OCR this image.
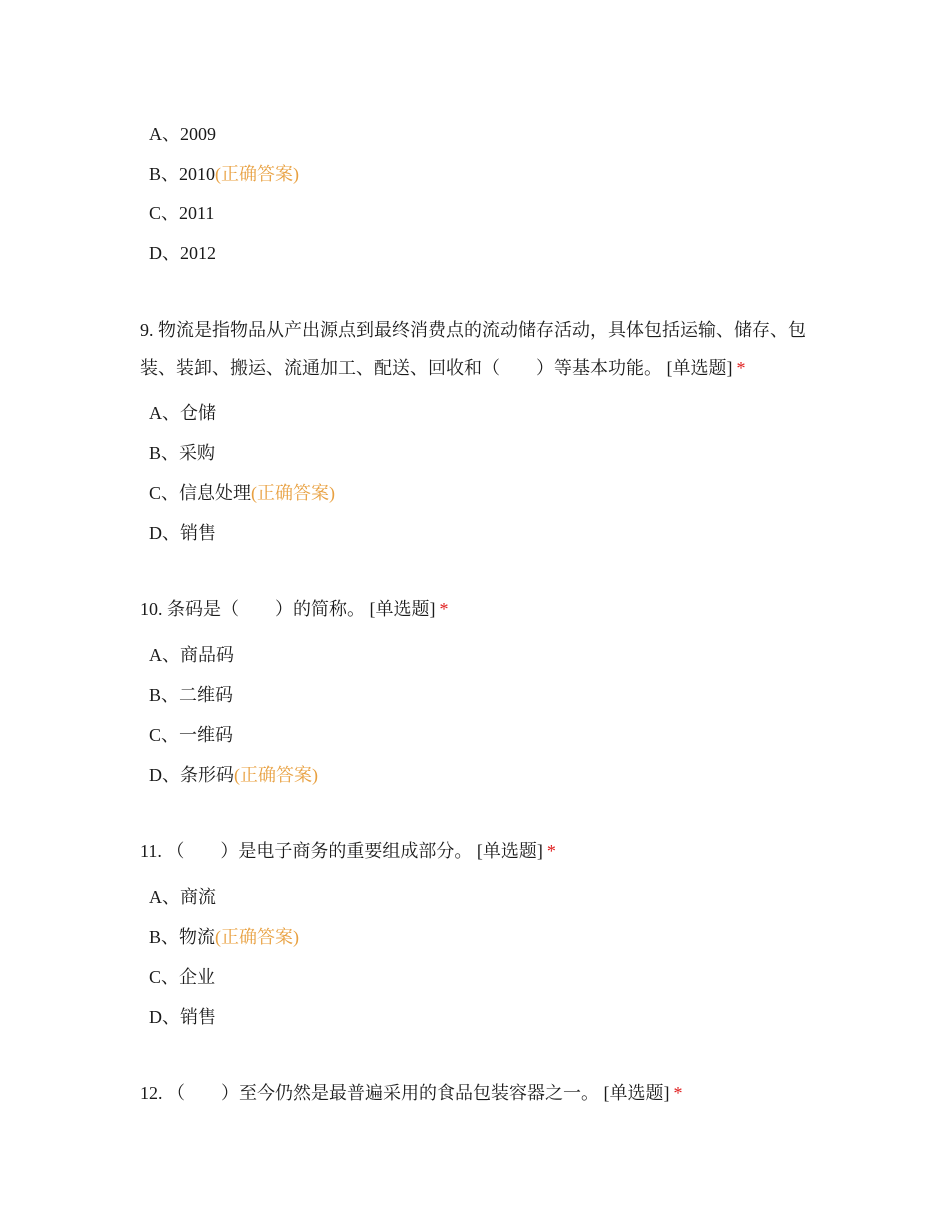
A、2009
B、2010(正确答案)
C、2011
D、2012
9. 物流是指物品从产出源点到最终消费点的流动储存活动，具体包括运输、储存、包装、装卸、搬运、流通加工、配送、回收和（　　）等基本功能。 [单选题] *
A、仓储
B、采购
C、信息处理(正确答案)
D、销售
10. 条码是（　　）的简称。 [单选题] *
A、商品码
B、二维码
C、一维码
D、条形码(正确答案)
11. （　　）是电子商务的重要组成部分。 [单选题] *
A、商流
B、物流(正确答案)
C、企业
D、销售
12. （　　）至今仍然是最普遍采用的食品包装容器之一。 [单选题] *
